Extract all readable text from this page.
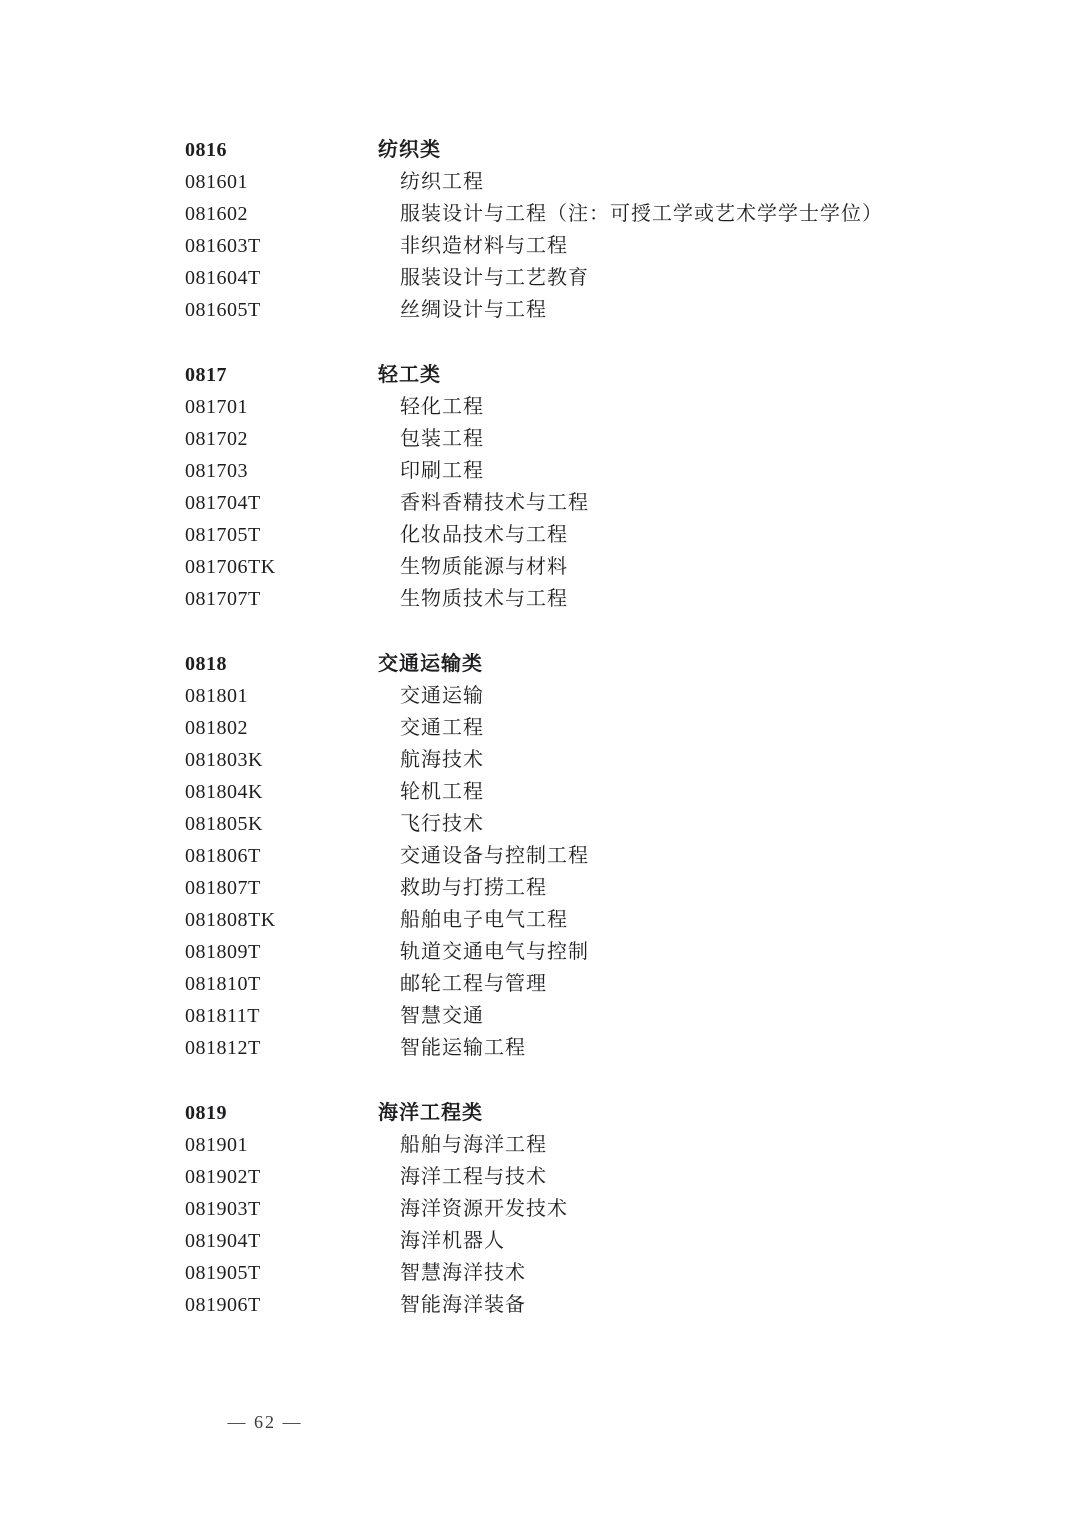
0816	纺织类
081601	纺织工程
081602	服装设计与工程（注：可授工学或艺术学学士学位）
081603T	非织造材料与工程
081604T	服装设计与工艺教育
081605T	丝绸设计与工程
0817	轻工类
081701	轻化工程
081702	包装工程
081703	印刷工程
081704T	香料香精技术与工程
081705T	化妆品技术与工程
081706TK	生物质能源与材料
081707T	生物质技术与工程
0818	交通运输类
081801	交通运输
081802	交通工程
081803K	航海技术
081804K	轮机工程
081805K	飞行技术
081806T	交通设备与控制工程
081807T	救助与打捞工程
081808TK	船舶电子电气工程
081809T	轨道交通电气与控制
081810T	邮轮工程与管理
081811T	智慧交通
081812T	智能运输工程
0819	海洋工程类
081901	船舶与海洋工程
081902T	海洋工程与技术
081903T	海洋资源开发技术
081904T	海洋机器人
081905T	智慧海洋技术
081906T	智能海洋装备
— 62 —
